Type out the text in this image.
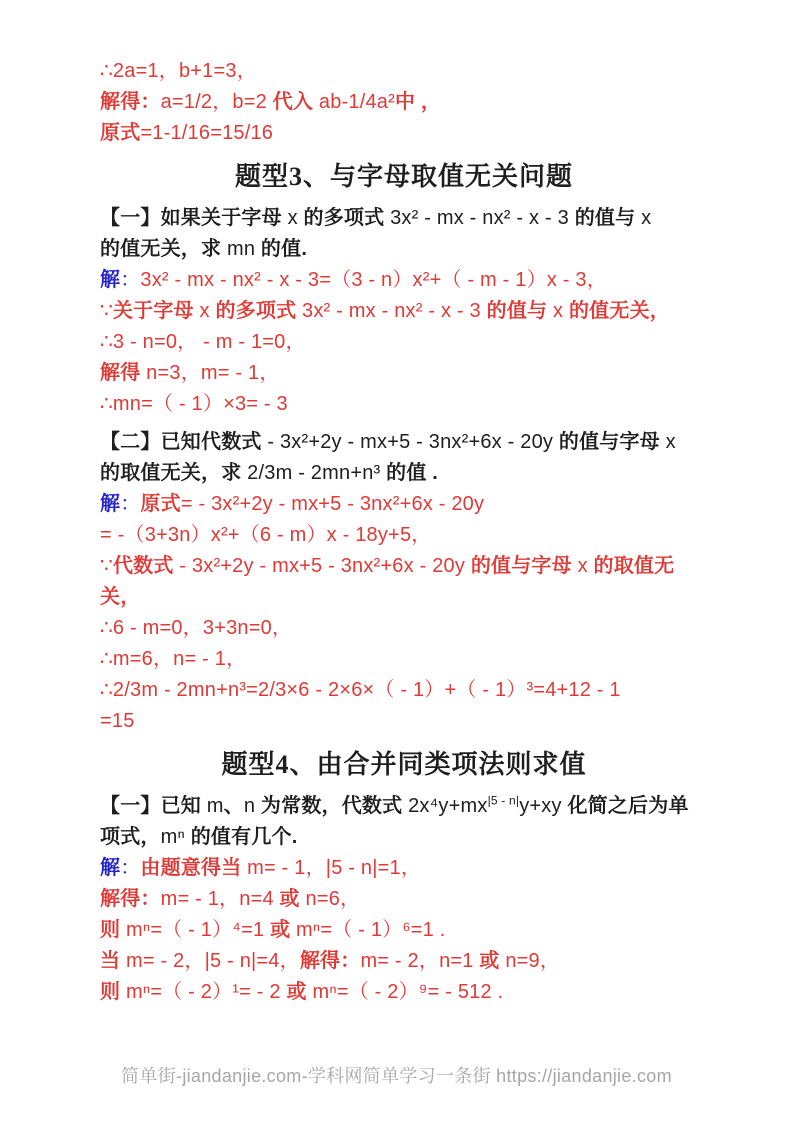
∴2a=1，b+1=3，
解得：a=1/2，b=2 代入 ab-1/4a²中 ，
原式=1-1/16=15/16
题型3、与字母取值无关问题
【一】如果关于字母 x 的多项式 3x² - mx - nx² - x - 3 的值与 x
的值无关，求 mn 的值.
解：3x² - mx - nx² - x - 3=（3 - n）x²+（ - m - 1）x - 3，
∵关于字母 x 的多项式 3x² - mx - nx² - x - 3 的值与 x 的值无关，
∴3 - n=0， - m - 1=0，
解得 n=3，m= - 1，
∴mn=（ - 1）×3= - 3
【二】已知代数式 - 3x²+2y - mx+5 - 3nx²+6x - 20y 的值与字母 x
的取值无关，求 2/3m - 2mn+n³ 的值 .
解：原式= - 3x²+2y - mx+5 - 3nx²+6x - 20y
= -（3+3n）x²+（6 - m）x - 18y+5，
∵代数式 - 3x²+2y - mx+5 - 3nx²+6x - 20y 的值与字母 x 的取值无
关，
∴6 - m=0，3+3n=0，
∴m=6，n= - 1，
∴2/3m - 2mn+n³=2/3×6 - 2×6×（ - 1）+（ - 1）³=4+12 - 1
=15
题型4、由合并同类项法则求值
【一】已知 m、n 为常数，代数式 $2x^4y+mx^{|5 - n|}y+xy$ 化简之后为单
项式，mⁿ 的值有几个.
解：由题意得当 m= - 1，|5 - n|=1，
解得：m= - 1，n=4 或 n=6，
则 mⁿ=（ - 1）⁴=1 或 mⁿ=（ - 1）⁶=1 .
当 m= - 2，|5 - n|=4，解得：m= - 2，n=1 或 n=9，
则 mⁿ=（ - 2）¹= - 2 或 mⁿ=（ - 2）⁹= - 512 .
简单街-jiandanjie.com-学科网简单学习一条街 https://jiandanjie.com
